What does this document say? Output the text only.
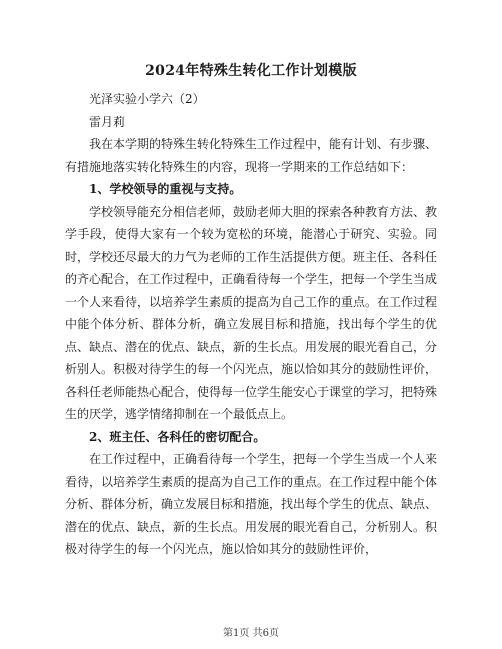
2024年特殊生转化工作计划模版

光泽实验小学六（2）

雷月莉

我在本学期的特殊生转化特殊生工作过程中，能有计划、有步骤、有措施地落实转化特殊生的内容，现将一学期来的工作总结如下：

1、学校领导的重视与支持。

学校领导能充分相信老师，鼓励老师大胆的探索各种教育方法、教学手段，使得大家有一个较为宽松的环境，能潜心于研究、实验。同时，学校还尽最大的力气为老师的工作生活提供方便。班主任、各科任的齐心配合，在工作过程中，正确看待每一个学生，把每一个学生当成一个人来看待，以培养学生素质的提高为自己工作的重点。在工作过程中能个体分析、群体分析，确立发展目标和措施，找出每个学生的优点、缺点、潜在的优点、缺点，新的生长点。用发展的眼光看自己，分析别人。积极对待学生的每一个闪光点，施以恰如其分的鼓励性评价，各科任老师能热心配合，使得每一位学生能安心于课堂的学习，把特殊生的厌学，逃学情绪抑制在一个最低点上。

2、班主任、各科任的密切配合。

在工作过程中，正确看待每一个学生，把每一个学生当成一个人来看待，以培养学生素质的提高为自己工作的重点。在工作过程中能个体分析、群体分析，确立发展目标和措施，找出每个学生的优点、缺点、潜在的优点、缺点，新的生长点。用发展的眼光看自己，分析别人。积极对待学生的每一个闪光点，施以恰如其分的鼓励性评价，

第1页 共6页
